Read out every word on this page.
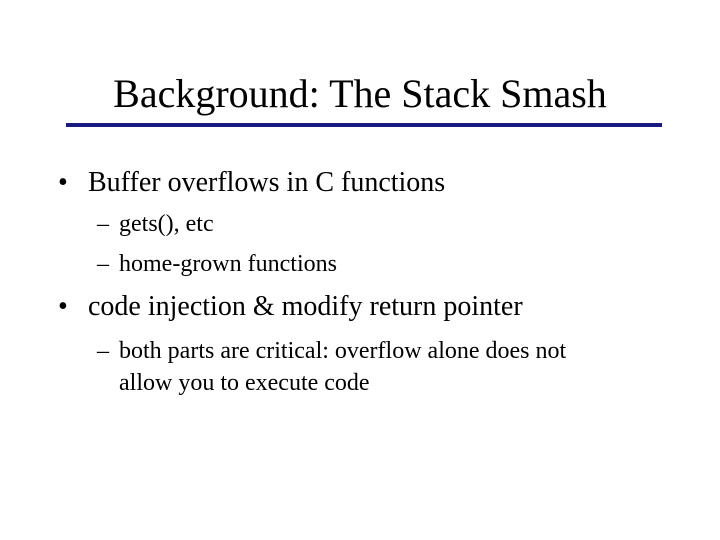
Background: The Stack Smash
• Buffer overflows in C functions
– gets(), etc
– home-grown functions
• code injection & modify return pointer
– both parts are critical: overflow alone does not
allow you to execute code
